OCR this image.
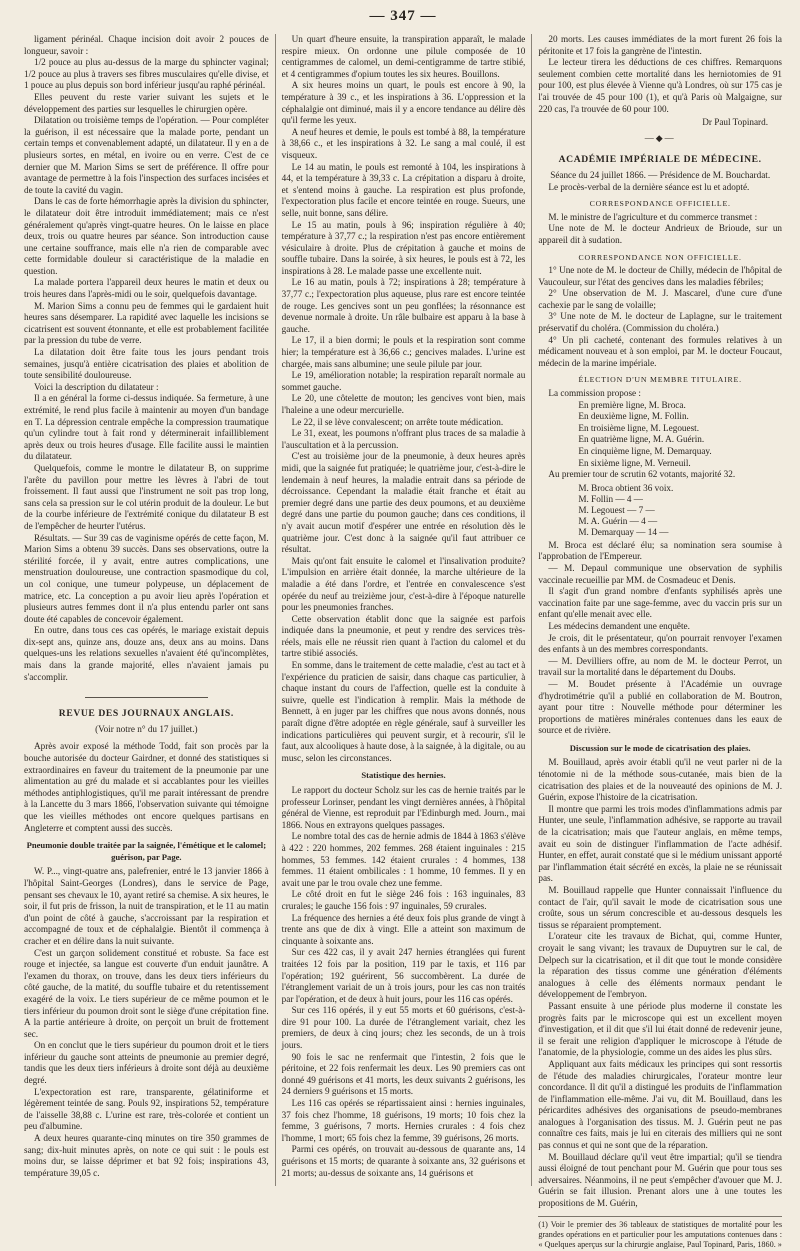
— 347 —

ligament périnéal. Chaque incision doit avoir 2 pouces de longueur, savoir :

1/2 pouce au plus au-dessus de la marge du sphincter vaginal; 1/2 pouce au plus à travers ses fibres musculaires qu'elle divise, et 1 pouce au plus depuis son bord inférieur jusqu'au raphé périnéal.

Elles peuvent du reste varier suivant les sujets et le développement des parties sur lesquelles le chirurgien opère.

Dilatation ou troisième temps de l'opération. — Pour compléter la guérison, il est nécessaire que la malade porte, pendant un certain temps et convenablement adapté, un dilatateur. Il y en a de plusieurs sortes, en métal, en ivoire ou en verre. C'est de ce dernier que M. Marion Sims se sert de préférence. Il offre pour avantage de permettre à la fois l'inspection des surfaces incisées et de toute la cavité du vagin.

Dans le cas de forte hémorrhagie après la division du sphincter, le dilatateur doit être introduit immédiatement; mais ce n'est généralement qu'après vingt-quatre heures. On le laisse en place deux, trois ou quatre heures par séance. Son introduction cause une certaine souffrance, mais elle n'a rien de comparable avec cette formidable douleur si caractéristique de la maladie en question.

La malade portera l'appareil deux heures le matin et deux ou trois heures dans l'après-midi ou le soir, quelquefois davantage.

M. Marion Sims a connu peu de femmes qui le gardaient huit heures sans désemparer. La rapidité avec laquelle les incisions se cicatrisent est souvent étonnante, et elle est probablement facilitée par la pression du tube de verre.

La dilatation doit être faite tous les jours pendant trois semaines, jusqu'à entière cicatrisation des plaies et abolition de toute sensibilité douloureuse.

Voici la description du dilatateur :

Il a en général la forme ci-dessus indiquée. Sa fermeture, à une extrémité, le rend plus facile à maintenir au moyen d'un bandage en T. La dépression centrale empêche la compression traumatique qu'un cylindre tout à fait rond y déterminerait infailliblement après deux ou trois heures d'usage. Elle facilite aussi le maintien du dilatateur.

Quelquefois, comme le montre le dilatateur B, on supprime l'arête du pavillon pour mettre les lèvres à l'abri de tout froissement. Il faut aussi que l'instrument ne soit pas trop long, sans cela sa pression sur le col utérin produit de la douleur. Le but de la courbe inférieure de l'extrémité conique du dilatateur B est de l'empêcher de heurter l'utérus.

Résultats. — Sur 39 cas de vaginisme opérés de cette façon, M. Marion Sims a obtenu 39 succès. Dans ses observations, outre la stérilité forcée, il y avait, entre autres complications, une menstruation douloureuse, une contraction spasmodique du col, un col conique, une tumeur polypeuse, un déplacement de matrice, etc. La conception a pu avoir lieu après l'opération et plusieurs autres femmes dont il n'a plus entendu parler ont sans doute été capables de concevoir également.

En outre, dans tous ces cas opérés, le mariage existait depuis dix-sept ans, quinze ans, douze ans, deux ans au moins. Dans quelques-uns les relations sexuelles n'avaient été qu'incomplètes, mais dans la grande majorité, elles n'avaient jamais pu s'accomplir.

REVUE DES JOURNAUX ANGLAIS.
(Voir notre n° du 17 juillet.)

Après avoir exposé la méthode Todd, fait son procès par la bouche autorisée du docteur Gairdner, et donné des statistiques si extraordinaires en faveur du traitement de la pneumonie par une alimentation au gré du malade et si accablantes pour les vieilles méthodes antiphlogistiques, qu'il me parait intéressant de prendre à la Lancette du 3 mars 1866, l'observation suivante qui témoigne que les vieilles méthodes ont encore quelques partisans en Angleterre et comptent aussi des succès.

Pneumonie double traitée par la saignée, l'émétique et le calomel; guérison, par Page.

W. P..., vingt-quatre ans, palefrenier, entré le 13 janvier 1866 à l'hôpital Saint-Georges (Londres), dans le service de Page, pensant ses chevaux le 10, ayant retiré sa chemise. A six heures, le soir, il fut pris de frisson, la nuit de transpiration, et le 11 au matin d'un point de côté à gauche, s'accroissant par la respiration et accompagné de toux et de céphalalgie. Bientôt il commença à cracher et en délire dans la nuit suivante.

C'est un garçon solidement constitué et robuste. Sa face est rouge et injectée, sa langue est couverte d'un enduit jaunâtre. A l'examen du thorax, on trouve, dans les deux tiers inférieurs du côté gauche, de la matité, du souffle tubaire et du retentissement exagéré de la voix. Le tiers supérieur de ce même poumon et le tiers inférieur du poumon droit sont le siège d'une crépitation fine. A la partie antérieure à droite, on perçoit un bruit de frottement sec.

On en conclut que le tiers supérieur du poumon droit et le tiers inférieur du gauche sont atteints de pneumonie au premier degré, tandis que les deux tiers inférieurs à droite sont déjà au deuxième degré.

L'expectoration est rare, transparente, gélatiniforme et légèrement teintée de sang. Pouls 92, inspirations 52, température de l'aisselle 38,88 c. L'urine est rare, très-colorée et contient un peu d'albumine.

A deux heures quarante-cinq minutes on tire 350 grammes de sang; dix-huit minutes après, on note ce qui suit : le pouls est moins dur, se laisse déprimer et bat 92 fois; inspirations 43, température 39,05 c.

Un quart d'heure ensuite, la transpiration apparaît, le malade respire mieux. On ordonne une pilule composée de 10 centigrammes de calomel, un demi-centigramme de tartre stibié, et 4 centigrammes d'opium toutes les six heures. Bouillons.

A six heures moins un quart, le pouls est encore à 90, la température à 39 c., et les inspirations à 36. L'oppression et la céphalalgie ont diminué, mais il y a encore tendance au délire dès qu'il ferme les yeux.

A neuf heures et demie, le pouls est tombé à 88, la température à 38,66 c., et les inspirations à 32. Le sang a mal coulé, il est visqueux.

Le 14 au matin, le pouls est remonté à 104, les inspirations à 44, et la température à 39,33 c. La crépitation a disparu à droite, et s'entend moins à gauche. La respiration est plus profonde, l'expectoration plus facile et encore teintée en rouge. Sueurs, une selle, nuit bonne, sans délire.

Le 15 au matin, pouls à 96; inspiration régulière à 40; température à 37,77 c.; la respiration n'est pas encore entièrement vésiculaire à droite. Plus de crépitation à gauche et moins de souffle tubaire. Dans la soirée, à six heures, le pouls est à 72, les inspirations à 28. Le malade passe une excellente nuit.

Le 16 au matin, pouls à 72; inspirations à 28; température à 37,77 c.; l'expectoration plus aqueuse, plus rare est encore teintée de rouge. Les gencives sont un peu gonflées; la résonnance est devenue normale à droite. Un râle bulbaire est apparu à la base à gauche.

Le 17, il a bien dormi; le pouls et la respiration sont comme hier; la température est à 36,66 c.; gencives malades. L'urine est chargée, mais sans albumine; une seule pilule par jour.

Le 19, amélioration notable; la respiration reparaît normale au sommet gauche.

Le 20, une côtelette de mouton; les gencives vont bien, mais l'haleine a une odeur mercurielle.

Le 22, il se lève convalescent; on arrête toute médication.

Le 31, exeat, les poumons n'offrant plus traces de sa maladie à l'auscultation et à la percussion.

C'est au troisième jour de la pneumonie, à deux heures après midi, que la saignée fut pratiquée; le quatrième jour, c'est-à-dire le lendemain à neuf heures, la maladie entrait dans sa période de décroissance. Cependant la maladie était franche et était au premier degré dans une partie des deux poumons, et au deuxième degré dans une partie du poumon gauche; dans ces conditions, il n'y avait aucun motif d'espérer une entrée en résolution dès le quatrième jour. C'est donc à la saignée qu'il faut attribuer ce résultat.

Mais qu'ont fait ensuite le calomel et l'insalivation produite? L'impulsion en arrière était donnée, la marche ultérieure de la maladie a été dans l'ordre, et l'entrée en convalescence s'est opérée du neuf au treizième jour, c'est-à-dire à l'époque naturelle pour les pneumonies franches.

Cette observation établit donc que la saignée est parfois indiquée dans la pneumonie, et peut y rendre des services très-réels, mais elle ne réussit rien quant à l'action du calomel et du tartre stibié associés.

En somme, dans le traitement de cette maladie, c'est au tact et à l'expérience du praticien de saisir, dans chaque cas particulier, à chaque instant du cours de l'affection, quelle est la conduite à suivre, quelle est l'indication à remplir. Mais la méthode de Bennett, à en juger par les chiffres que nous avons donnés, nous paraît digne d'être adoptée en règle générale, sauf à surveiller les indications particulières qui peuvent surgir, et à recourir, s'il le faut, aux alcooliques à haute dose, à la saignée, à la digitale, ou au musc, selon les circonstances.

Statistique des hernies.

Le rapport du docteur Scholz sur les cas de hernie traités par le professeur Lorinser, pendant les vingt dernières années, à l'hôpital général de Vienne, est reproduit par l'Edinburgh med. Journ., mai 1866. Nous en extrayons quelques passages.

Le nombre total des cas de hernie admis de 1844 à 1863 s'élève à 422 : 220 hommes, 202 femmes. 268 étaient inguinales : 215 hommes, 53 femmes. 142 étaient crurales : 4 hommes, 138 femmes. 11 étaient ombilicales : 1 homme, 10 femmes. Il y en avait une par le trou ovale chez une femme.

Le côté droit en fut le siège 246 fois : 163 inguinales, 83 crurales; le gauche 156 fois : 97 inguinales, 59 crurales.

La fréquence des hernies a été deux fois plus grande de vingt à trente ans que de dix à vingt. Elle a atteint son maximum de cinquante à soixante ans.

Sur ces 422 cas, il y avait 247 hernies étranglées qui furent traitées 12 fois par la position, 119 par le taxis, et 116 par l'opération; 192 guérirent, 56 succombèrent. La durée de l'étranglement variait de un à trois jours, pour les cas non traités par l'opération, et de deux à huit jours, pour les 116 cas opérés.

Sur ces 116 opérés, il y eut 55 morts et 60 guérisons, c'est-à-dire 91 pour 100. La durée de l'étranglement variait, chez les premiers, de deux à cinq jours; chez les seconds, de un à trois jours.

90 fois le sac ne renfermait que l'intestin, 2 fois que le péritoine, et 22 fois renfermait les deux. Les 90 premiers cas ont donné 49 guérisons et 41 morts, les deux suivants 2 guérisons, les 24 derniers 9 guérisons et 15 morts.

Les 116 cas opérés se répartissaient ainsi : hernies inguinales, 37 fois chez l'homme, 18 guérisons, 19 morts; 10 fois chez la femme, 3 guérisons, 7 morts. Hernies crurales : 4 fois chez l'homme, 1 mort; 65 fois chez la femme, 39 guérisons, 26 morts.

Parmi ces opérés, on trouvait au-dessous de quarante ans, 14 guérisons et 15 morts; de quarante à soixante ans, 32 guérisons et 21 morts; au-dessus de soixante ans, 14 guérisons et

20 morts. Les causes immédiates de la mort furent 26 fois la péritonite et 17 fois la gangrène de l'intestin.

Le lecteur tirera les déductions de ces chiffres. Remarquons seulement combien cette mortalité dans les herniotomies de 91 pour 100, est plus élevée à Vienne qu'à Londres, où sur 175 cas je l'ai trouvée de 45 pour 100 (1), et qu'à Paris où Malgaigne, sur 220 cas, l'a trouvée de 60 pour 100.

Dr Paul Topinard.
—◆—
ACADÉMIE IMPÉRIALE DE MÉDECINE.

Séance du 24 juillet 1866. — Présidence de M. Bouchardat.

Le procès-verbal de la dernière séance est lu et adopté.

CORRESPONDANCE OFFICIELLE.

M. le ministre de l'agriculture et du commerce transmet :

Une note de M. le docteur Andrieux de Brioude, sur un appareil dit à sudation.

CORRESPONDANCE NON OFFICIELLE.

1° Une note de M. le docteur de Chilly, médecin de l'hôpital de Vaucouleur, sur l'état des gencives dans les maladies fébriles;

2° Une observation de M. J. Mascarel, d'une cure d'une cachexie par le sang de volaille;

3° Une note de M. le docteur de Laplagne, sur le traitement préservatif du choléra. (Commission du choléra.)

4° Un pli cacheté, contenant des formules relatives à un médicament nouveau et à son emploi, par M. le docteur Foucaut, médecin de la marine impériale.

ÉLECTION D'UN MEMBRE TITULAIRE.

La commission propose :

En première ligne, M. Broca.

En deuxième ligne, M. Follin.

En troisième ligne, M. Legouest.

En quatrième ligne, M. A. Guérin.

En cinquième ligne, M. Demarquay.

En sixième ligne, M. Verneuil.

Au premier tour de scrutin 62 votants, majorité 32.

M. Broca obtient 36 voix.
M. Follin — 4 —
M. Legouest — 7 —
M. A. Guérin — 4 —
M. Demarquay — 14 —

M. Broca est déclaré élu; sa nomination sera soumise à l'approbation de l'Empereur.

— M. Depaul communique une observation de syphilis vaccinale recueillie par MM. de Cosmadeuc et Denis.

Il s'agit d'un grand nombre d'enfants syphilisés après une vaccination faite par une sage-femme, avec du vaccin pris sur un enfant qu'elle menait avec elle.

Les médecins demandent une enquête.

Je crois, dit le présentateur, qu'on pourrait renvoyer l'examen des enfants à un des membres correspondants.

— M. Devilliers offre, au nom de M. le docteur Perrot, un travail sur la mortalité dans le département du Doubs.

— M. Boudet présente à l'Académie un ouvrage d'hydrotimétrie qu'il a publié en collaboration de M. Boutron, ayant pour titre : Nouvelle méthode pour déterminer les proportions de matières minérales contenues dans les eaux de source et de rivière.

Discussion sur le mode de cicatrisation des plaies.

M. Bouillaud, après avoir établi qu'il ne veut parler ni de la ténotomie ni de la méthode sous-cutanée, mais bien de la cicatrisation des plaies et de la nouveauté des opinions de M. J. Guérin, expose l'histoire de la cicatrisation.

Il montre que parmi les trois modes d'inflammations admis par Hunter, une seule, l'inflammation adhésive, se rapporte au travail de la cicatrisation; mais que l'auteur anglais, en même temps, avait eu soin de distinguer l'inflammation de l'acte adhésif. Hunter, en effet, aurait constaté que si le médium unissant apporté par l'inflammation était sécrété en excès, la plaie ne se réunissait pas.

M. Bouillaud rappelle que Hunter connaissait l'influence du contact de l'air, qu'il savait le mode de cicatrisation sous une croûte, sous un sérum concrescible et au-dessous desquels les tissus se réparaient promptement.

L'orateur cite les travaux de Bichat, qui, comme Hunter, croyait le sang vivant; les travaux de Dupuytren sur le cal, de Delpech sur la cicatrisation, et il dit que tout le monde considère la réparation des tissus comme une génération d'éléments analogues à celle des éléments normaux pendant le développement de l'embryon.

Passant ensuite à une période plus moderne il constate les progrès faits par le microscope qui est un excellent moyen d'investigation, et il dit que s'il lui était donné de redevenir jeune, il se ferait une religion d'appliquer le microscope à l'étude de l'anatomie, de la physiologie, comme un des aides les plus sûrs.

Appliquant aux faits médicaux les principes qui sont ressortis de l'étude des maladies chirurgicales, l'orateur montre leur concordance. Il dit qu'il a distingué les produits de l'inflammation de l'inflammation elle-même. J'ai vu, dit M. Bouillaud, dans les péricardites adhésives des organisations de pseudo-membranes analogues à l'organisation des tissus. M. J. Guérin peut ne pas connaître ces faits, mais je lui en citerais des milliers qui ne sont pas connus et qui ne sont que de la réparation.

M. Bouillaud déclare qu'il veut être impartial; qu'il se tiendra aussi éloigné de tout penchant pour M. Guérin que pour tous ses adversaires. Néanmoins, il ne peut s'empêcher d'avouer que M. J. Guérin se fait illusion. Prenant alors une à une toutes les propositions de M. Guérin,

(1) Voir le premier des 36 tableaux de statistiques de mortalité pour les grandes opérations en et particulier pour les amputations contenues dans : « Quelques aperçus sur la chirurgie anglaise, Paul Topinard, Paris, 1860. »
